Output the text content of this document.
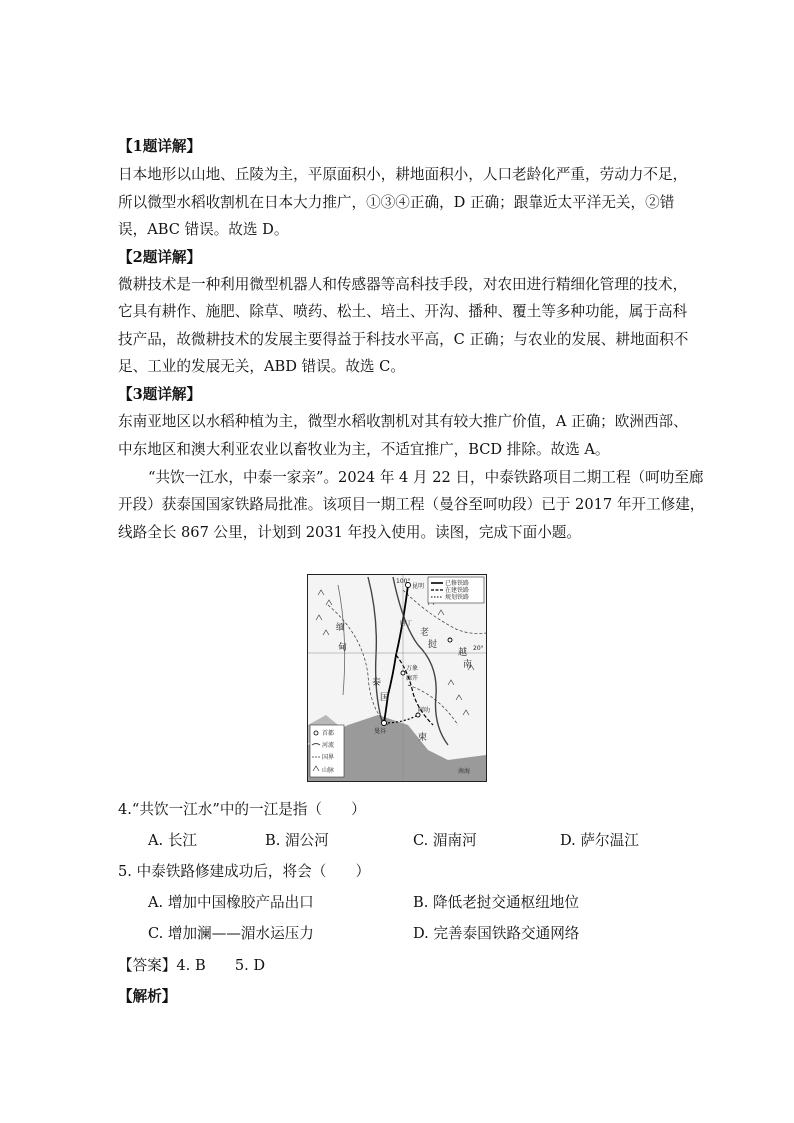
【1题详解】
日本地形以山地、丘陵为主，平原面积小，耕地面积小，人口老龄化严重，劳动力不足，
所以微型水稻收割机在日本大力推广，①③④正确，D 正确；跟靠近太平洋无关，②错
误，ABC 错误。故选 D。
【2题详解】
微耕技术是一种利用微型机器人和传感器等高科技手段，对农田进行精细化管理的技术，
它具有耕作、施肥、除草、喷药、松土、培土、开沟、播种、覆土等多种功能，属于高科
技产品，故微耕技术的发展主要得益于科技水平高，C 正确；与农业的发展、耕地面积不
足、工业的发展无关，ABD 错误。故选 C。
【3题详解】
东南亚地区以水稻种植为主，微型水稻收割机对其有较大推广价值，A 正确；欧洲西部、
中东地区和澳大利亚农业以畜牧业为主，不适宜推广，BCD 排除。故选 A。
“共饮一江水，中泰一家亲”。2024 年 4 月 22 日，中泰铁路项目二期工程（呵叻至廊
开段）获泰国国家铁路局批准。该项目一期工程（曼谷至呵叻段）已于 2017 年开工修建，
线路全长 867 公里，计划到 2031 年投入使用。读图，完成下面小题。
已修铁路
在建铁路
规划铁路
首都
河流
国界
山脉
100°
20°
昆明
缅
甸
老
挝
泰
国
柬
越
南
万象
磨丁
曼谷
廊开
呵叻
南海
4.“共饮一江水”中的一江是指（　　）
A. 长江	B. 湄公河	C. 湄南河	D. 萨尔温江
5. 中泰铁路修建成功后，将会（　　）
A. 增加中国橡胶产品出口	B. 降低老挝交通枢纽地位
C. 增加澜——湄水运压力	D. 完善泰国铁路交通网络
【答案】4. B　　5. D
【解析】
